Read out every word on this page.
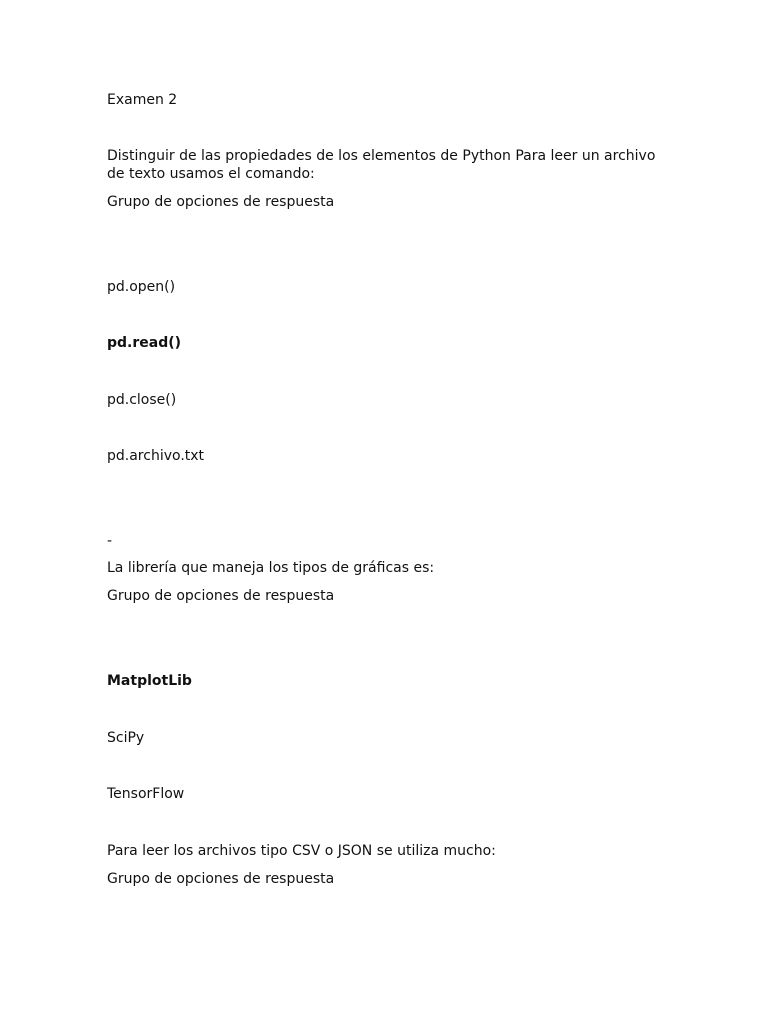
Examen 2
Distinguir de las propiedades de los elementos de Python Para leer un archivo de texto usamos el comando:
Grupo de opciones de respuesta
pd.open()
pd.read()
pd.close()
pd.archivo.txt
-
La librería que maneja los tipos de gráficas es:
Grupo de opciones de respuesta
MatplotLib
SciPy
TensorFlow
Para leer los archivos tipo CSV o JSON se utiliza mucho:
Grupo de opciones de respuesta
